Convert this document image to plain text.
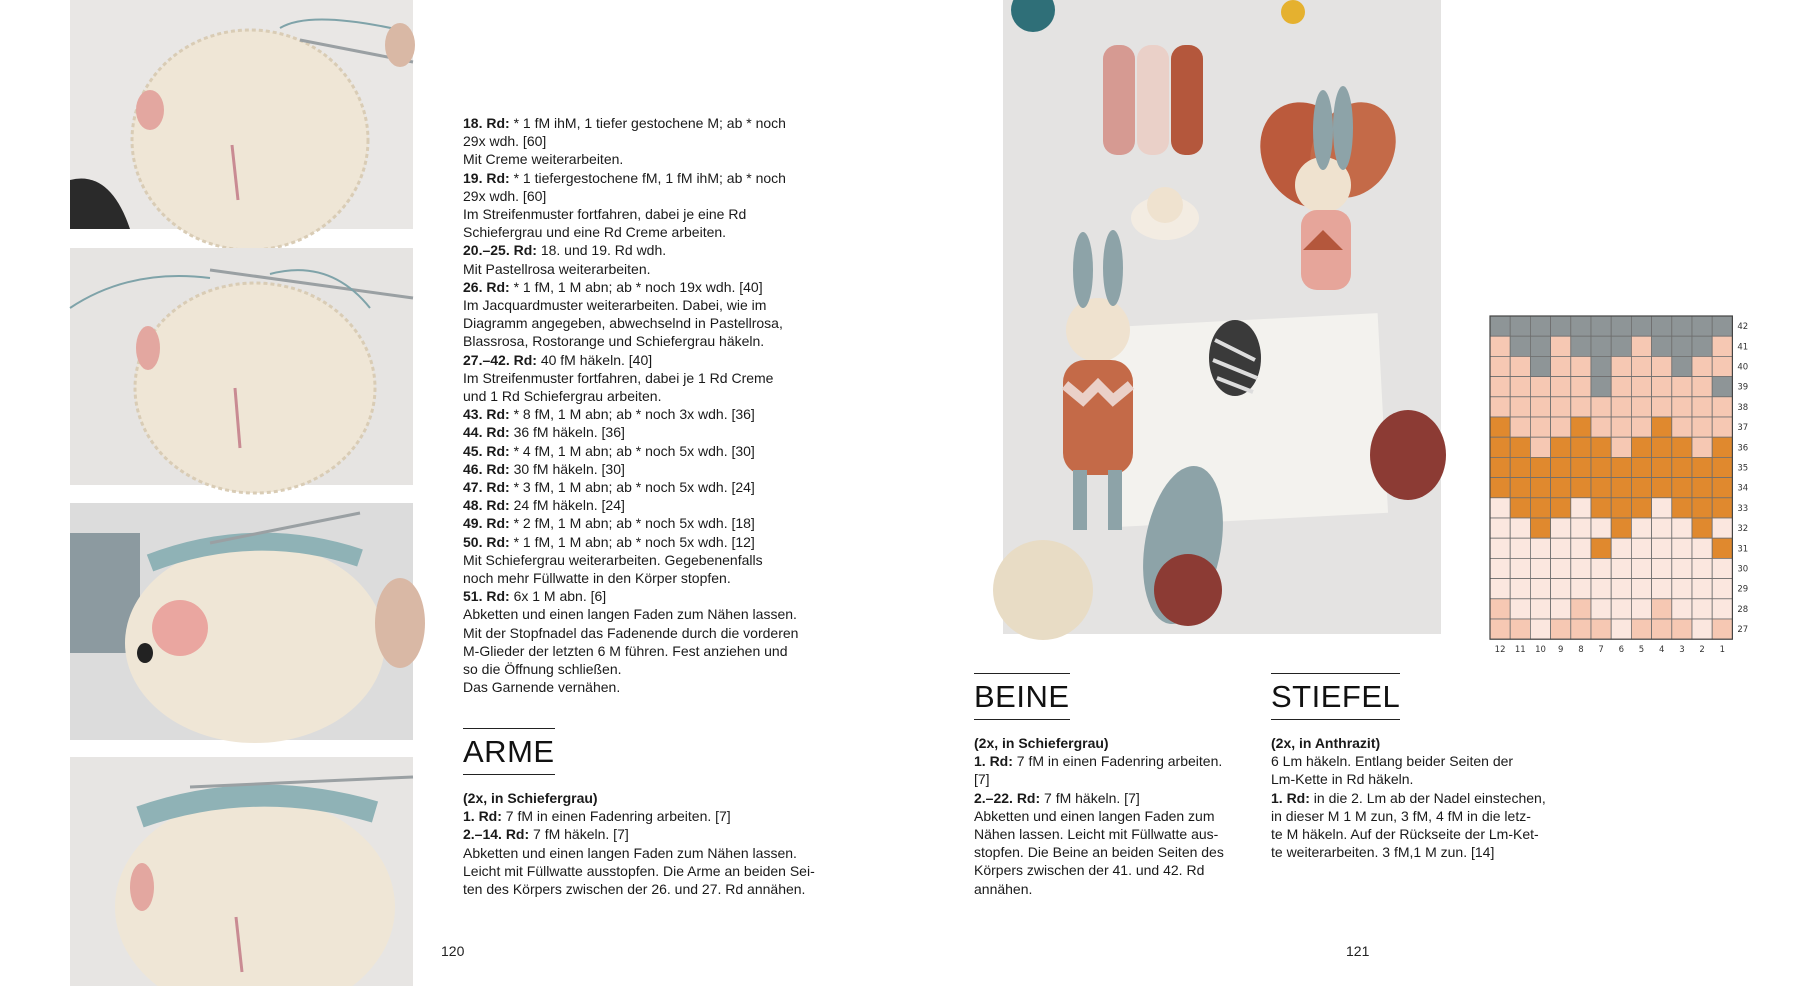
18. Rd: * 1 fM ihM, 1 tiefer gestochene M; ab * noch
29x wdh. [60]
Mit Creme weiterarbeiten.
19. Rd: * 1 tiefergestochene fM, 1 fM ihM; ab * noch
29x wdh. [60]
Im Streifenmuster fortfahren, dabei je eine Rd
Schiefergrau und eine Rd Creme arbeiten.
20.–25. Rd: 18. und 19. Rd wdh.
Mit Pastellrosa weiterarbeiten.
26. Rd: * 1 fM, 1 M abn; ab * noch 19x wdh. [40]
Im Jacquardmuster weiterarbeiten. Dabei, wie im
Diagramm angegeben, abwechselnd in Pastellrosa,
Blassrosa, Rostorange und Schiefergrau häkeln.
27.–42. Rd: 40 fM häkeln. [40]
Im Streifenmuster fortfahren, dabei je 1 Rd Creme
und 1 Rd Schiefergrau arbeiten.
43. Rd: * 8 fM, 1 M abn; ab * noch 3x wdh. [36]
44. Rd: 36 fM häkeln. [36]
45. Rd: * 4 fM, 1 M abn; ab * noch 5x wdh. [30]
46. Rd: 30 fM häkeln. [30]
47. Rd: * 3 fM, 1 M abn; ab * noch 5x wdh. [24]
48. Rd: 24 fM häkeln. [24]
49. Rd: * 2 fM, 1 M abn; ab * noch 5x wdh. [18]
50. Rd: * 1 fM, 1 M abn; ab * noch 5x wdh. [12]
Mit Schiefergrau weiterarbeiten. Gegebenenfalls
noch mehr Füllwatte in den Körper stopfen.
51. Rd: 6x 1 M abn. [6]
Abketten und einen langen Faden zum Nähen lassen.
Mit der Stopfnadel das Fadenende durch die vorderen
M-Glieder der letzten 6 M führen. Fest anziehen und
so die Öffnung schließen.
Das Garnende vernähen.
ARME
(2x, in Schiefergrau)
1. Rd: 7 fM in einen Fadenring arbeiten. [7]
2.–14. Rd: 7 fM häkeln. [7]
Abketten und einen langen Faden zum Nähen lassen.
Leicht mit Füllwatte ausstopfen. Die Arme an beiden Sei-
ten des Körpers zwischen der 26. und 27. Rd annähen.
120
42
41
40
39
38
37
36
35
34
33
32
31
30
29
28
27
12 11 10 9 8 7 6 5 4 3 2 1
BEINE
(2x, in Schiefergrau)
1. Rd: 7 fM in einen Fadenring arbeiten.
[7]
2.–22. Rd: 7 fM häkeln. [7]
Abketten und einen langen Faden zum
Nähen lassen. Leicht mit Füllwatte aus-
stopfen. Die Beine an beiden Seiten des
Körpers zwischen der 41. und 42. Rd
annähen.
STIEFEL
(2x, in Anthrazit)
6 Lm häkeln. Entlang beider Seiten der
Lm-Kette in Rd häkeln.
1. Rd: in die 2. Lm ab der Nadel einstechen,
in dieser M 1 M zun, 3 fM, 4 fM in die letz-
te M häkeln. Auf der Rückseite der Lm-Ket-
te weiterarbeiten. 3 fM,1 M zun. [14]
121
